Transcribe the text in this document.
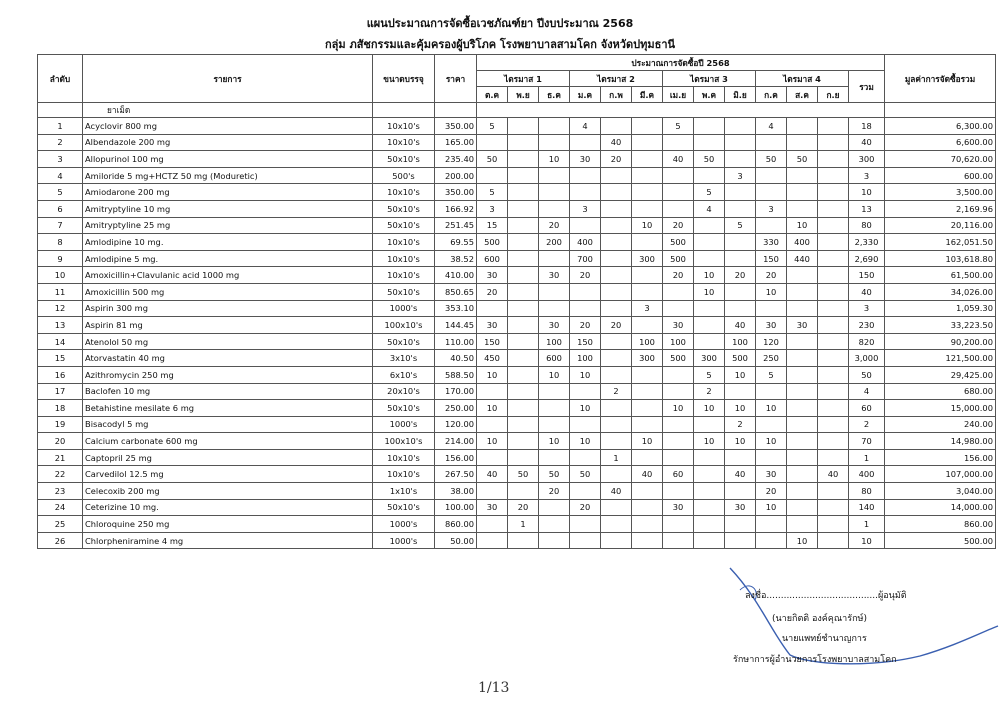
แผนประมาณการจัดซื้อเวชภัณฑ์ยา ปีงบประมาณ 2568
กลุ่ม ภสัชกรรมและคุ้มครองผู้บริโภค โรงพยาบาลสามโคก จังหวัดปทุมธานี
ลำดับ	รายการ	ขนาดบรรจุ	ราคา	ประมาณการจัดซื้อปี 2568													มูลค่าการจัดซื้อรวม
				ไตรมาส 1			ไตรมาส 2			ไตรมาส 3			ไตรมาส 4			รวม	
				ต.ค	พ.ย	ธ.ค	ม.ค	ก.พ	มี.ค	เม.ย	พ.ค	มิ.ย	ก.ค	ส.ค	ก.ย		
	ยาเม็ด																
1	Acyclovir 800 mg	10x10's	350.00	5			4			5			4			18	6,300.00
2	Albendazole 200 mg	10x10's	165.00					40								40	6,600.00
3	Allopurinol 100 mg	50x10's	235.40	50		10	30	20		40	50		50	50		300	70,620.00
4	Amiloride 5 mg+HCTZ 50 mg (Moduretic)	500's	200.00									3				3	600.00
5	Amiodarone 200 mg	10x10's	350.00	5							5					10	3,500.00
6	Amitryptyline 10 mg	50x10's	166.92	3			3				4		3			13	2,169.96
7	Amitryptyline 25 mg	50x10's	251.45	15		20			10	20		5		10		80	20,116.00
8	Amlodipine 10 mg.	10x10's	69.55	500		200	400			500			330	400		2,330	162,051.50
9	Amlodipine 5 mg.	10x10's	38.52	600			700		300	500			150	440		2,690	103,618.80
10	Amoxicillin+Clavulanic acid 1000 mg	10x10's	410.00	30		30	20			20	10	20	20			150	61,500.00
11	Amoxicillin 500 mg	50x10's	850.65	20							10		10			40	34,026.00
12	Aspirin 300 mg	1000's	353.10						3							3	1,059.30
13	Aspirin 81 mg	100x10's	144.45	30		30	20	20		30		40	30	30		230	33,223.50
14	Atenolol 50 mg	50x10's	110.00	150		100	150		100	100		100	120			820	90,200.00
15	Atorvastatin 40 mg	3x10's	40.50	450		600	100		300	500	300	500	250			3,000	121,500.00
16	Azithromycin 250 mg	6x10's	588.50	10		10	10				5	10	5			50	29,425.00
17	Baclofen 10 mg	20x10's	170.00					2			2					4	680.00
18	Betahistine mesilate 6 mg	50x10's	250.00	10			10			10	10	10	10			60	15,000.00
19	Bisacodyl 5 mg	1000's	120.00									2				2	240.00
20	Calcium carbonate 600 mg	100x10's	214.00	10		10	10		10		10	10	10			70	14,980.00
21	Captopril 25 mg	10x10's	156.00					1								1	156.00
22	Carvedilol 12.5 mg	10x10's	267.50	40	50	50	50		40	60		40	30		40	400	107,000.00
23	Celecoxib 200 mg	1x10's	38.00			20		40					20			80	3,040.00
24	Ceterizine 10 mg.	50x10's	100.00	30	20		20			30		30	10			140	14,000.00
25	Chloroquine 250 mg	1000's	860.00		1											1	860.00
26	Chlorpheniramine 4 mg	1000's	50.00											10		10	500.00
ลงชื่อ.......................................ผู้อนุมัติ
(นายกิตติ องค์คุณารักษ์)
นายแพทย์ชำนาญการ
รักษาการผู้อำนวยการโรงพยาบาลสามโคก
1/13
